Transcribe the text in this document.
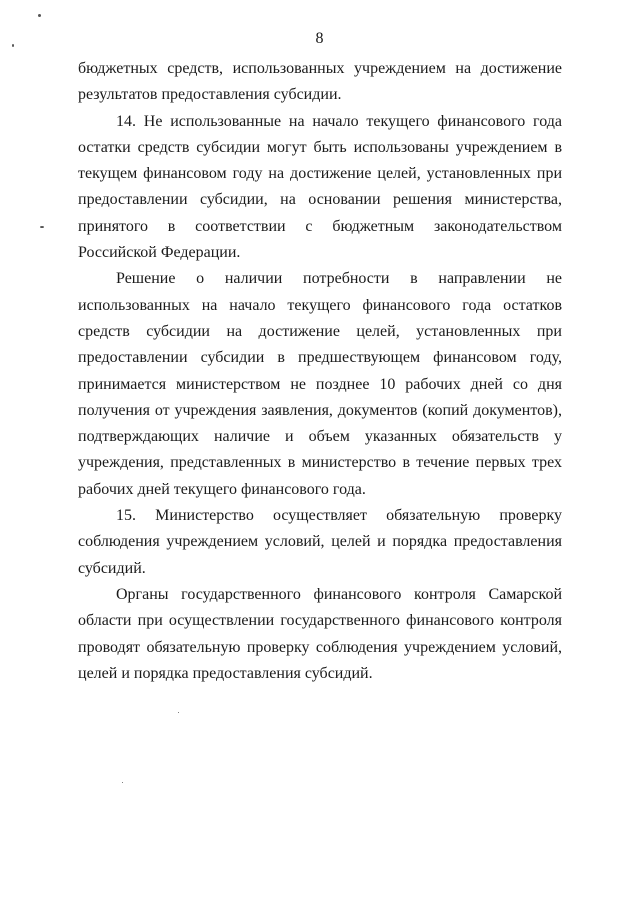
8

бюджетных средств, использованных учреждением на достижение результатов предоставления субсидии.

14. Не использованные на начало текущего финансового года остатки средств субсидии могут быть использованы учреждением в текущем финансовом году на достижение целей, установленных при предоставлении субсидии, на основании решения министерства, принятого в соответствии с бюджетным законодательством Российской Федерации.

Решение о наличии потребности в направлении не использованных на начало текущего финансового года остатков средств субсидии на достижение целей, установленных при предоставлении субсидии в предшествующем финансовом году, принимается министерством не позднее 10 рабочих дней со дня получения от учреждения заявления, документов (копий документов), подтверждающих наличие и объем указанных обязательств у учреждения, представленных в министерство в течение первых трех рабочих дней текущего финансового года.

15. Министерство осуществляет обязательную проверку соблюдения учреждением условий, целей и порядка предоставления субсидий.

Органы государственного финансового контроля Самарской области при осуществлении государственного финансового контроля проводят обязательную проверку соблюдения учреждением условий, целей и порядка предоставления субсидий.
